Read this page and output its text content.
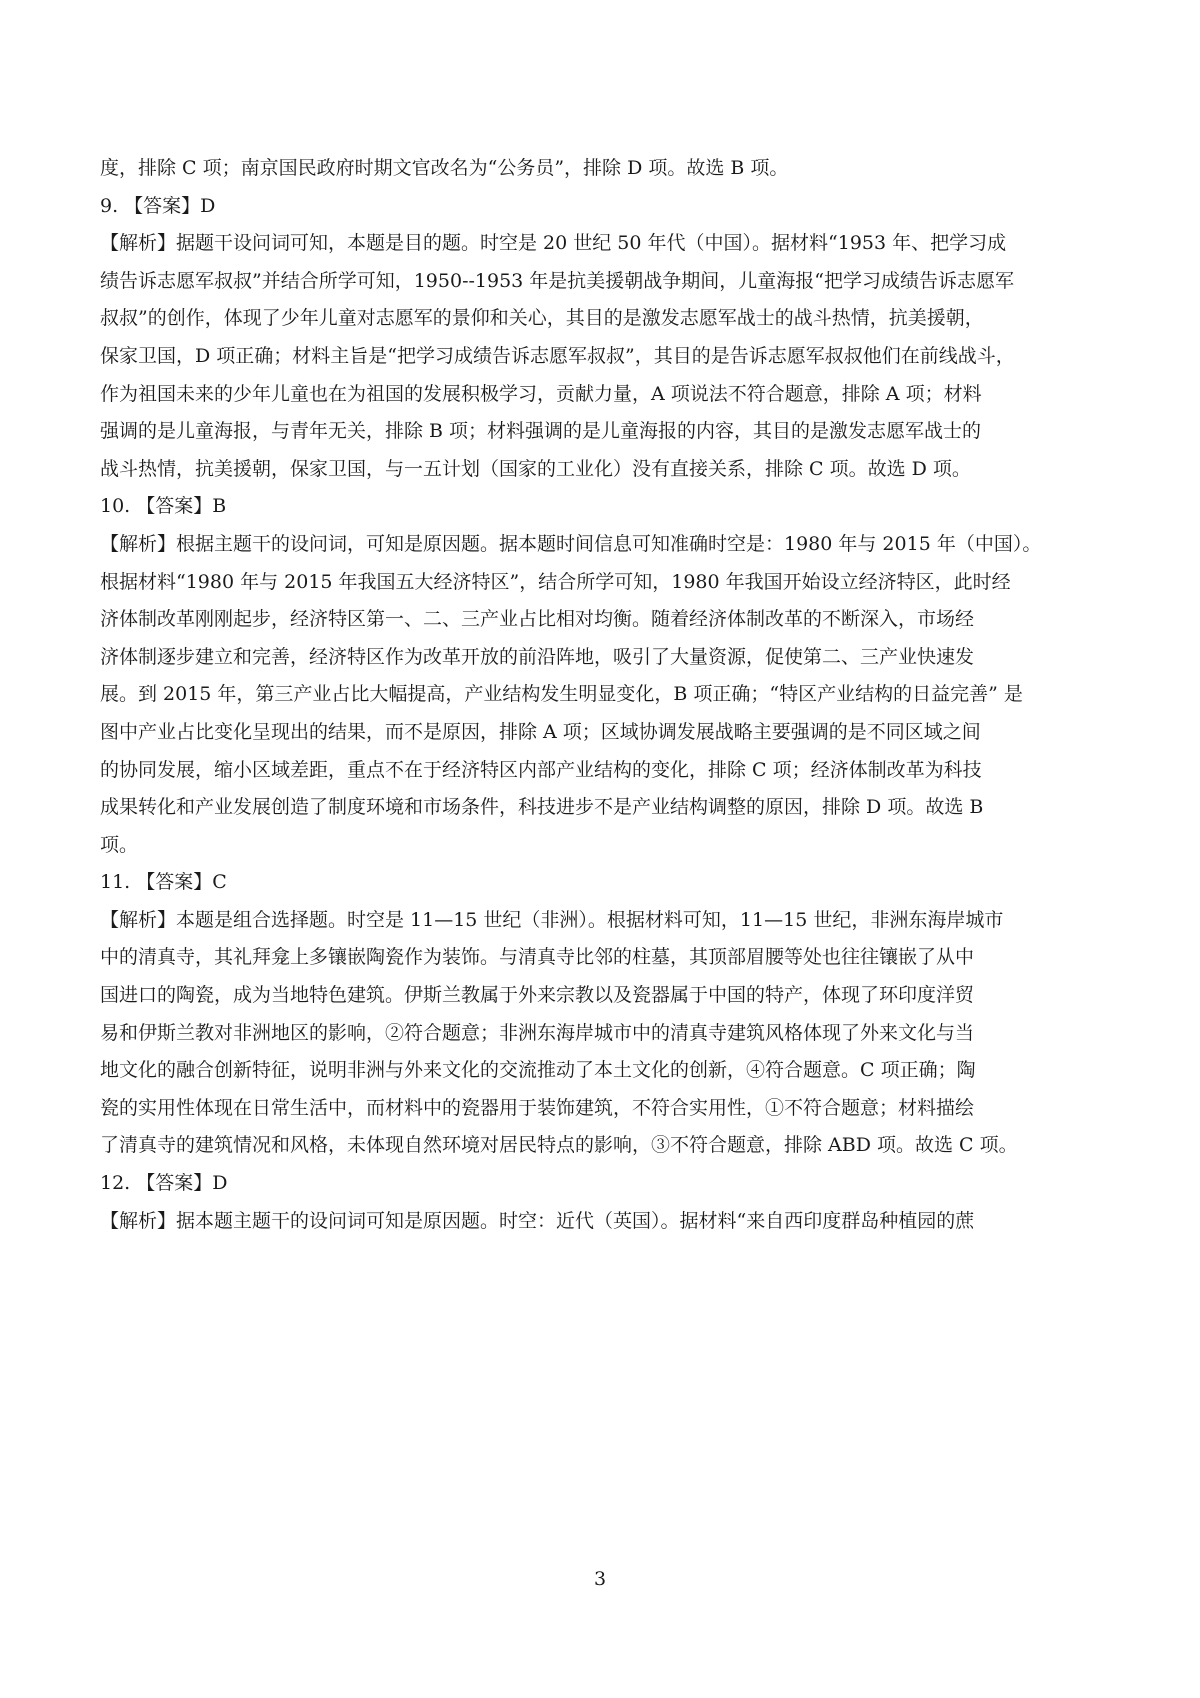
度，排除 C 项；南京国民政府时期文官改名为“公务员”，排除 D 项。故选 B 项。
9. 【答案】D
【解析】据题干设问词可知，本题是目的题。时空是 20 世纪 50 年代（中国）。据材料“1953 年、把学习成
绩告诉志愿军叔叔”并结合所学可知，1950--1953 年是抗美援朝战争期间，儿童海报“把学习成绩告诉志愿军
叔叔”的创作，体现了少年儿童对志愿军的景仰和关心，其目的是激发志愿军战士的战斗热情，抗美援朝，
保家卫国，D 项正确；材料主旨是“把学习成绩告诉志愿军叔叔”，其目的是告诉志愿军叔叔他们在前线战斗，
作为祖国未来的少年儿童也在为祖国的发展积极学习，贡献力量，A 项说法不符合题意，排除 A 项；材料
强调的是儿童海报，与青年无关，排除 B 项；材料强调的是儿童海报的内容，其目的是激发志愿军战士的
战斗热情，抗美援朝，保家卫国，与一五计划（国家的工业化）没有直接关系，排除 C 项。故选 D 项。
10. 【答案】B
【解析】根据主题干的设问词，可知是原因题。据本题时间信息可知准确时空是：1980 年与 2015 年（中国）。
根据材料“1980 年与 2015 年我国五大经济特区”，结合所学可知，1980 年我国开始设立经济特区，此时经
济体制改革刚刚起步，经济特区第一、二、三产业占比相对均衡。随着经济体制改革的不断深入，市场经
济体制逐步建立和完善，经济特区作为改革开放的前沿阵地，吸引了大量资源，促使第二、三产业快速发
展。到 2015 年，第三产业占比大幅提高，产业结构发生明显变化，B 项正确；“特区产业结构的日益完善” 是
图中产业占比变化呈现出的结果，而不是原因，排除 A 项；区域协调发展战略主要强调的是不同区域之间
的协同发展，缩小区域差距，重点不在于经济特区内部产业结构的变化，排除 C 项；经济体制改革为科技
成果转化和产业发展创造了制度环境和市场条件，科技进步不是产业结构调整的原因，排除 D 项。故选 B
项。
11. 【答案】C
【解析】本题是组合选择题。时空是 11—15 世纪（非洲）。根据材料可知，11—15 世纪，非洲东海岸城市
中的清真寺，其礼拜龛上多镶嵌陶瓷作为装饰。与清真寺比邻的柱墓，其顶部眉腰等处也往往镶嵌了从中
国进口的陶瓷，成为当地特色建筑。伊斯兰教属于外来宗教以及瓷器属于中国的特产，体现了环印度洋贸
易和伊斯兰教对非洲地区的影响，②符合题意；非洲东海岸城市中的清真寺建筑风格体现了外来文化与当
地文化的融合创新特征，说明非洲与外来文化的交流推动了本土文化的创新，④符合题意。C 项正确；陶
瓷的实用性体现在日常生活中，而材料中的瓷器用于装饰建筑，不符合实用性，①不符合题意；材料描绘
了清真寺的建筑情况和风格，未体现自然环境对居民特点的影响，③不符合题意，排除 ABD 项。故选 C 项。
12. 【答案】D
【解析】据本题主题干的设问词可知是原因题。时空：近代（英国）。据材料“来自西印度群岛种植园的蔗
3
